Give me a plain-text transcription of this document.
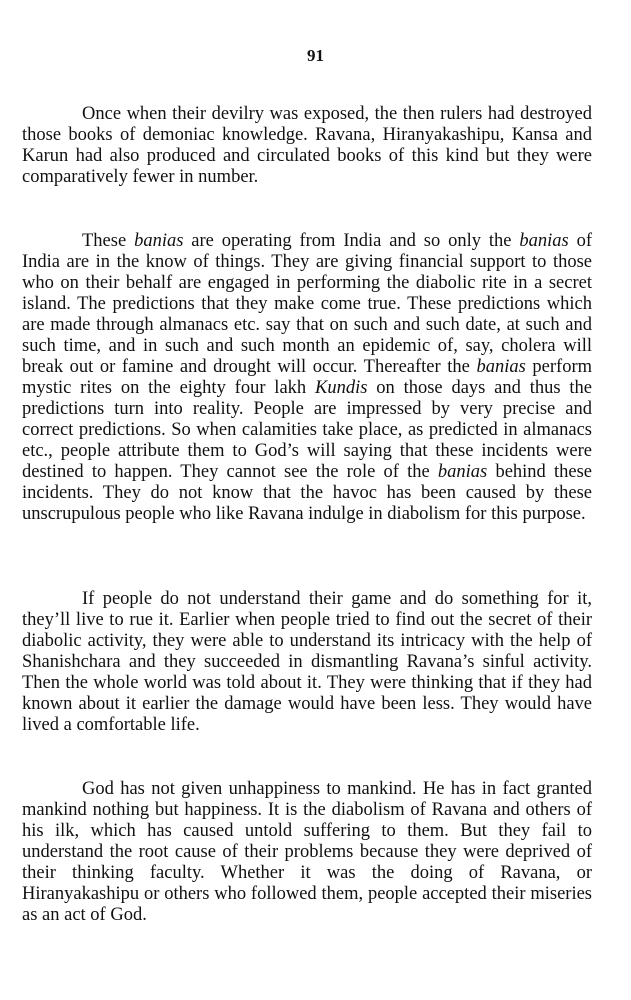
91

Once when their devilry was exposed, the then rulers had destroyed those books of demoniac knowledge. Ravana, Hiranyakashipu, Kansa and Karun had also produced and circulated books of this kind but they were comparatively fewer in number.

These banias are operating from India and so only the banias of India are in the know of things. They are giving financial support to those who on their behalf are engaged in performing the diabolic rite in a secret island. The predictions that they make come true. These predictions which are made through almanacs etc. say that on such and such date, at such and such time, and in such and such month an epidemic of, say, cholera will break out or famine and drought will occur. Thereafter the banias perform mystic rites on the eighty four lakh Kundis on those days and thus the predictions turn into reality. People are impressed by very precise and correct predictions. So when calamities take place, as predicted in almanacs etc., people attribute them to God’s will saying that these incidents were destined to happen. They cannot see the role of the banias behind these incidents. They do not know that the havoc has been caused by these unscrupulous people who like Ravana indulge in diabolism for this purpose.

If people do not understand their game and do something for it, they’ll live to rue it. Earlier when people tried to find out the secret of their diabolic activity, they were able to understand its intricacy with the help of Shanishchara and they succeeded in dismantling Ravana’s sinful activity. Then the whole world was told about it. They were thinking that if they had known about it earlier the damage would have been less. They would have lived a comfortable life.

God has not given unhappiness to mankind. He has in fact granted mankind nothing but happiness. It is the diabolism of Ravana and others of his ilk, which has caused untold suffering to them. But they fail to understand the root cause of their problems because they were deprived of their thinking faculty. Whether it was the doing of Ravana, or Hiranyakashipu or others who followed them, people accepted their miseries as an act of God.
